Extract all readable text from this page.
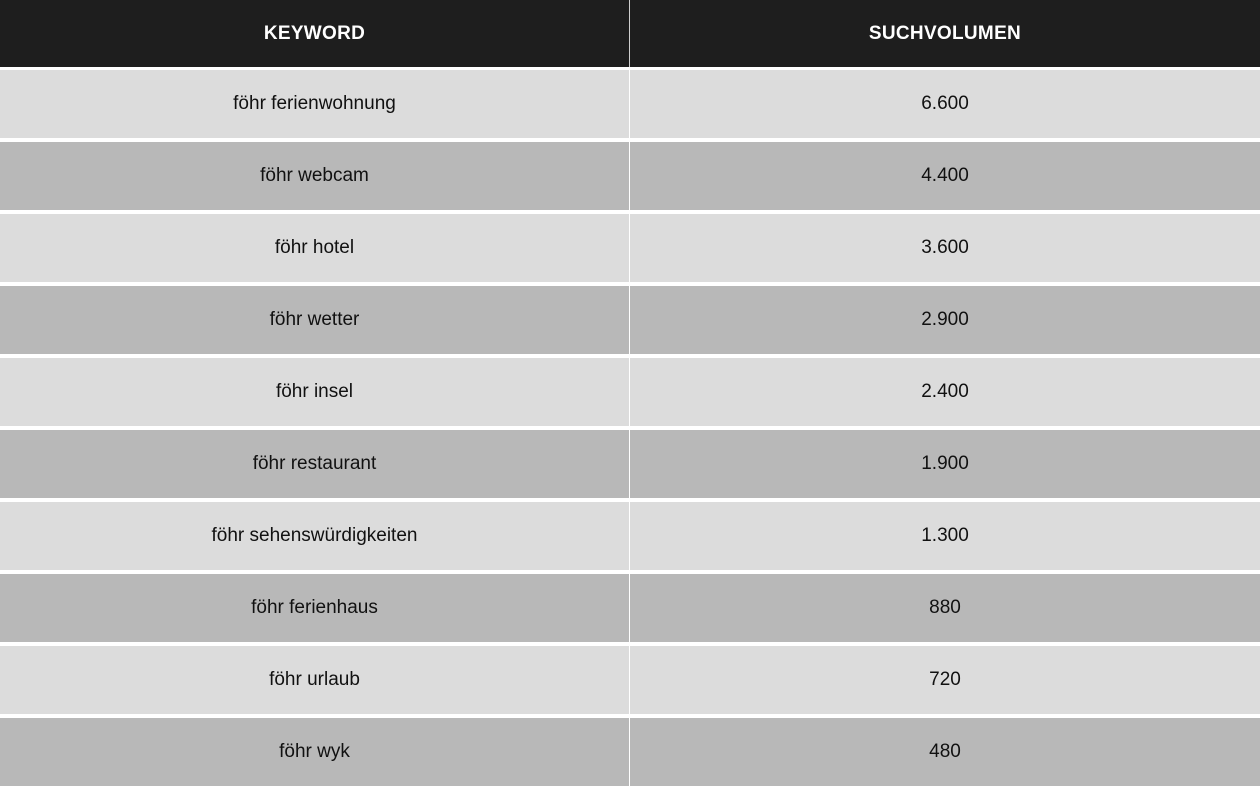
KEYWORD	SUCHVOLUMEN
föhr ferienwohnung	6.600
föhr webcam	4.400
föhr hotel	3.600
föhr wetter	2.900
föhr insel	2.400
föhr restaurant	1.900
föhr sehenswürdigkeiten	1.300
föhr ferienhaus	880
föhr urlaub	720
föhr wyk	480
